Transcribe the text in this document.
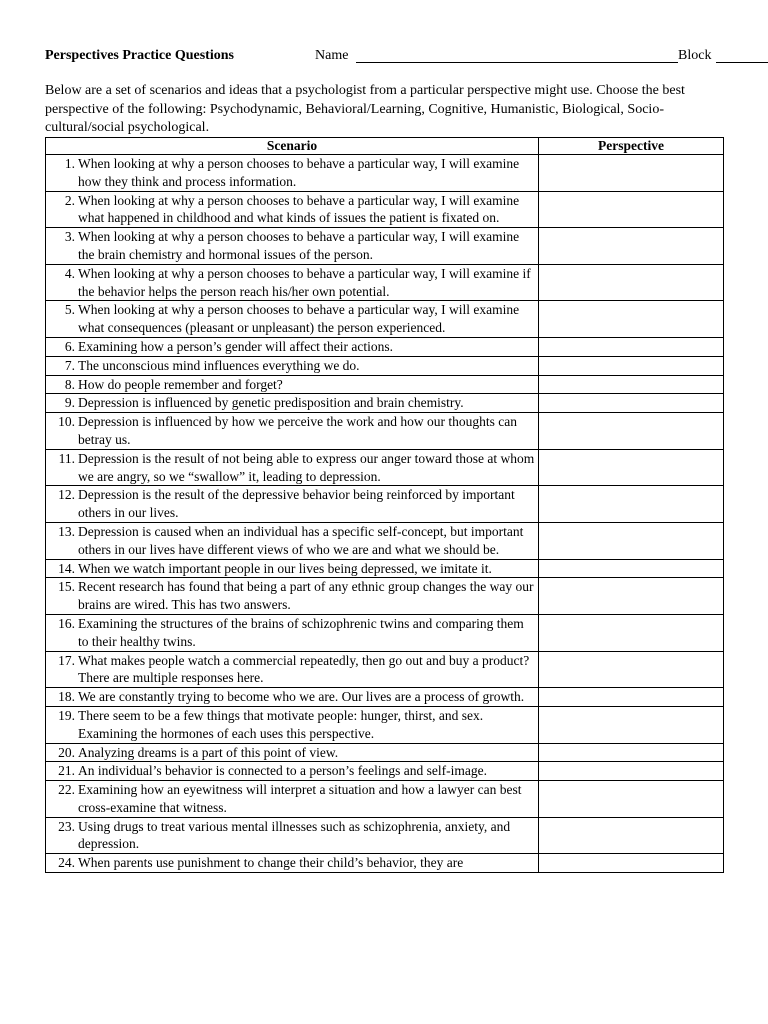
Perspectives Practice Questions	Name	Block
Below are a set of scenarios and ideas that a psychologist from a particular perspective might use. Choose the best perspective of the following: Psychodynamic, Behavioral/Learning, Cognitive, Humanistic, Biological, Socio-cultural/social psychological.
Scenario	Perspective

1. When looking at why a person chooses to behave a particular way, I will examine how they think and process information.	

2. When looking at why a person chooses to behave a particular way, I will examine what happened in childhood and what kinds of issues the patient is fixated on.	

3. When looking at why a person chooses to behave a particular way, I will examine the brain chemistry and hormonal issues of the person.	

4. When looking at why a person chooses to behave a particular way, I will examine if the behavior helps the person reach his/her own potential.	

5. When looking at why a person chooses to behave a particular way, I will examine what consequences (pleasant or unpleasant) the person experienced.	

6. Examining how a person’s gender will affect their actions.	

7. The unconscious mind influences everything we do.	

8. How do people remember and forget?	

9. Depression is influenced by genetic predisposition and brain chemistry.	

10. Depression is influenced by how we perceive the work and how our thoughts can betray us.	

11. Depression is the result of not being able to express our anger toward those at whom we are angry, so we “swallow” it, leading to depression.	

12. Depression is the result of the depressive behavior being reinforced by important others in our lives.	

13. Depression is caused when an individual has a specific self-concept, but important others in our lives have different views of who we are and what we should be.	

14. When we watch important people in our lives being depressed, we imitate it.	

15. Recent research has found that being a part of any ethnic group changes the way our brains are wired. This has two answers.	

16. Examining the structures of the brains of schizophrenic twins and comparing them to their healthy twins.	

17. What makes people watch a commercial repeatedly, then go out and buy a product? There are multiple responses here.	

18. We are constantly trying to become who we are. Our lives are a process of growth.	

19. There seem to be a few things that motivate people: hunger, thirst, and sex. Examining the hormones of each uses this perspective.	

20. Analyzing dreams is a part of this point of view.	

21. An individual’s behavior is connected to a person’s feelings and self-image.	

22. Examining how an eyewitness will interpret a situation and how a lawyer can best cross-examine that witness.	

23. Using drugs to treat various mental illnesses such as schizophrenia, anxiety, and depression.	

24. When parents use punishment to change their child’s behavior, they are	
